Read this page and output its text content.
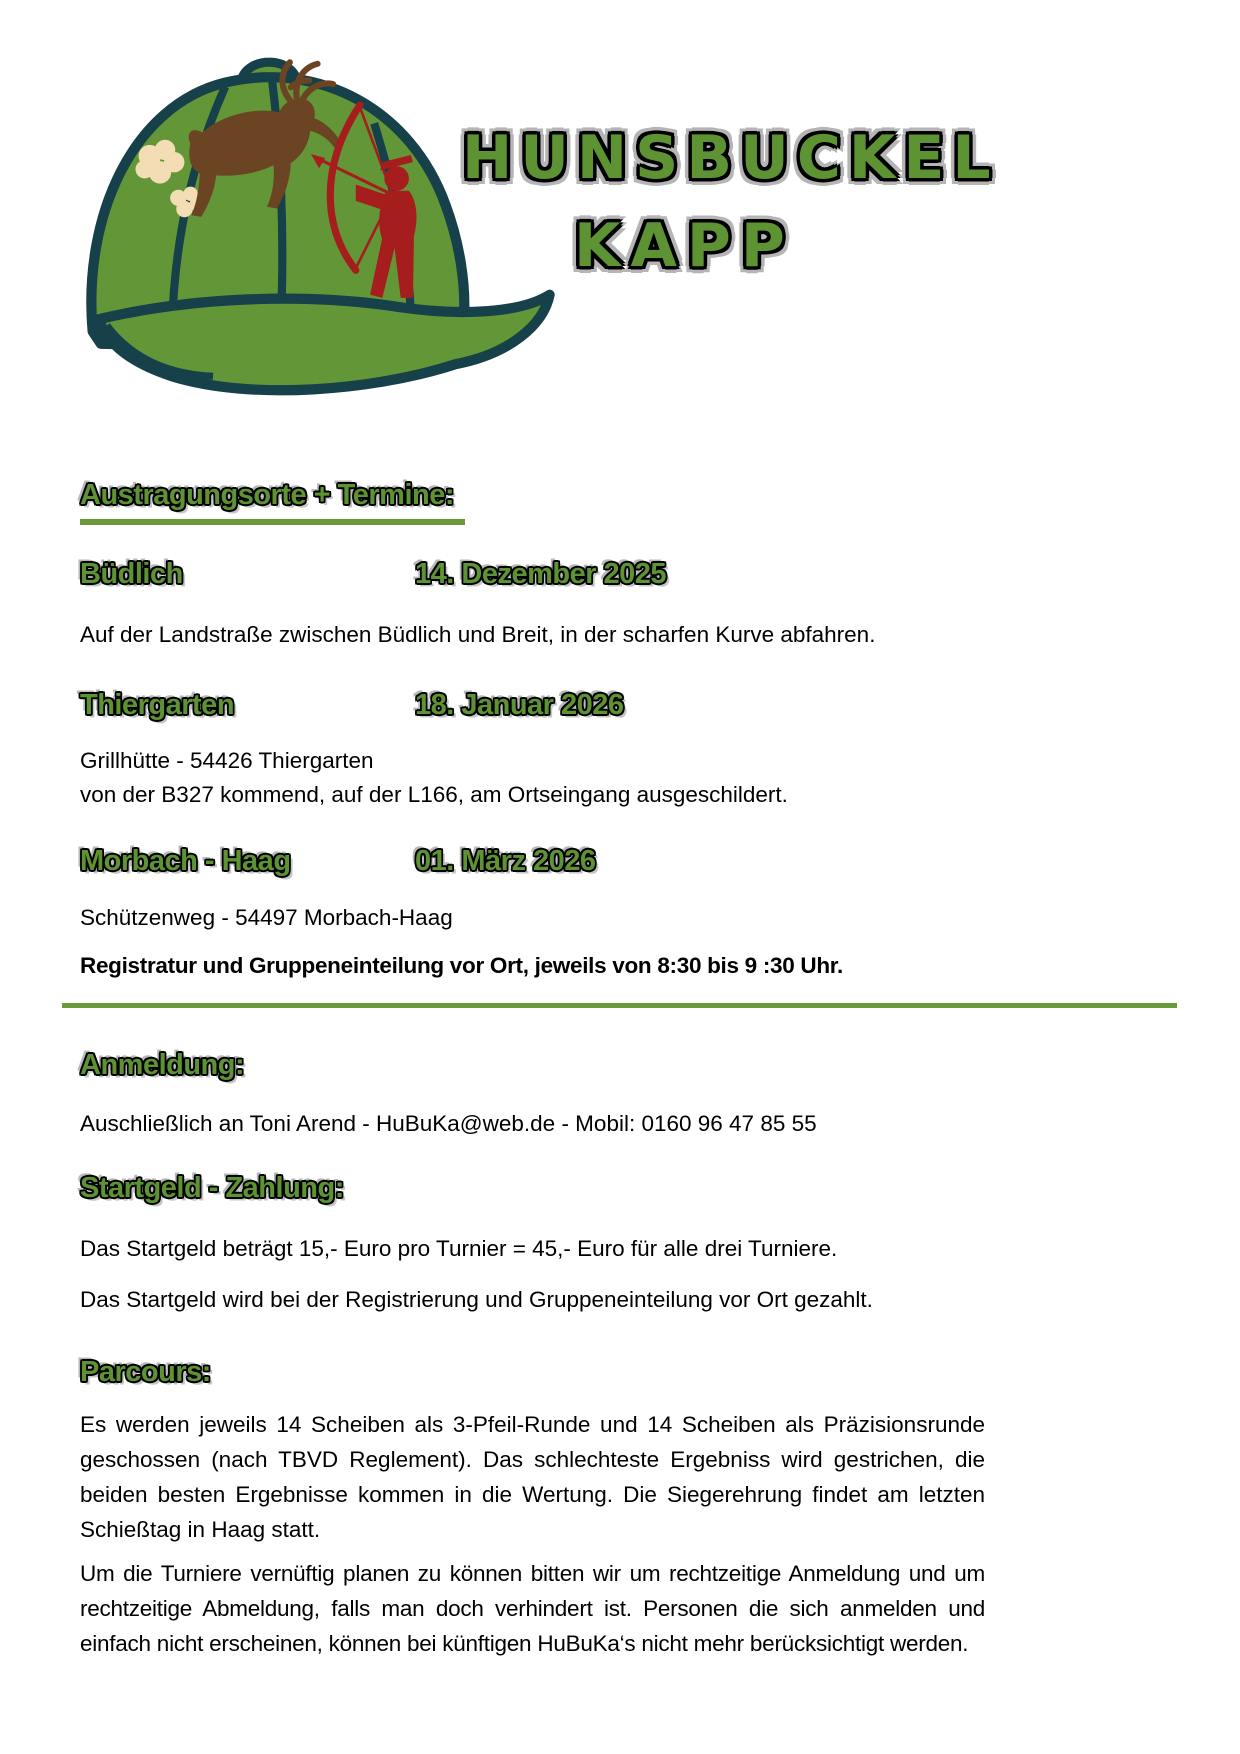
HUNSBUCKEL
KAPP
Austragungsorte + Termine:
Büdlich	14. Dezember 2025
Auf der Landstraße zwischen Büdlich und Breit, in der scharfen Kurve abfahren.
Thiergarten	18. Januar 2026
Grillhütte - 54426 Thiergarten
von der B327 kommend, auf der L166, am Ortseingang ausgeschildert.
Morbach - Haag	01. März 2026
Schützenweg - 54497 Morbach-Haag
Registratur und Gruppeneinteilung vor Ort, jeweils von 8:30 bis 9 :30 Uhr.
Anmeldung:
Auschließlich an Toni Arend - HuBuKa@web.de - Mobil: 0160 96 47 85 55
Startgeld - Zahlung:
Das Startgeld beträgt 15,- Euro pro Turnier = 45,- Euro für alle drei Turniere.
Das Startgeld wird bei der Registrierung und Gruppeneinteilung vor Ort gezahlt.
Parcours:
Es werden jeweils 14 Scheiben als 3-Pfeil-Runde und 14 Scheiben als Präzisionsrunde geschossen (nach TBVD Reglement). Das schlechteste Ergebniss wird gestrichen, die beiden besten Ergebnisse kommen in die Wertung. Die Siegerehrung findet am letzten Schießtag in Haag statt.
Um die Turniere vernüftig planen zu können bitten wir um rechtzeitige Anmeldung und um rechtzeitige Abmeldung, falls man doch verhindert ist. Personen die sich anmelden und einfach nicht erscheinen, können bei künftigen HuBuKa‘s nicht mehr berücksichtigt werden.
